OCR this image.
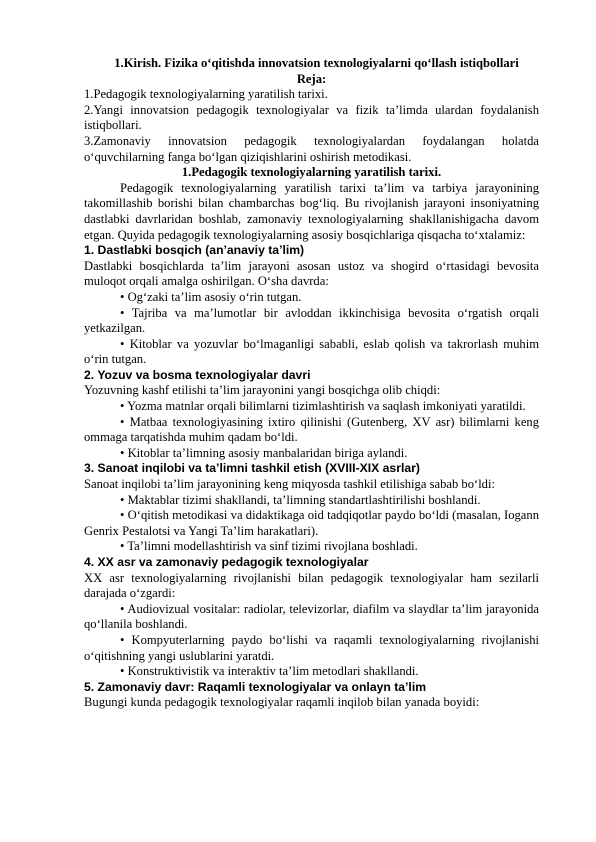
1.Kirish. Fizika o‘qitishda innovatsion texnologiyalarni qo‘llash istiqbollari
Reja:

1.Pedagogik texnologiyalarning yaratilish tarixi.

2.Yangi innovatsion pedagogik texnologiyalar va fizik ta’limda ulardan foydalanish istiqbollari.

3.Zamonaviy innovatsion pedagogik texnologiyalardan foydalangan holatda o‘quvchilarning fanga bo‘lgan qiziqishlarini oshirish metodikasi.

1.Pedagogik texnologiyalarning yaratilish tarixi.

Pedagogik texnologiyalarning yaratilish tarixi ta’lim va tarbiya jarayonining takomillashib borishi bilan chambarchas bog‘liq. Bu rivojlanish jarayoni insoniyatning dastlabki davrlaridan boshlab, zamonaviy texnologiyalarning shakllanishigacha davom etgan. Quyida pedagogik texnologiyalarning asosiy bosqichlariga qisqacha to‘xtalamiz:

1. Dastlabki bosqich (an’anaviy ta’lim)

Dastlabki bosqichlarda ta’lim jarayoni asosan ustoz va shogird o‘rtasidagi bevosita muloqot orqali amalga oshirilgan. O‘sha davrda:

• Og‘zaki ta’lim asosiy o‘rin tutgan.

• Tajriba va ma’lumotlar bir avloddan ikkinchisiga bevosita o‘rgatish orqali yetkazilgan.

• Kitoblar va yozuvlar bo‘lmaganligi sababli, eslab qolish va takrorlash muhim o‘rin tutgan.

2. Yozuv va bosma texnologiyalar davri

Yozuvning kashf etilishi ta’lim jarayonini yangi bosqichga olib chiqdi:

• Yozma matnlar orqali bilimlarni tizimlashtirish va saqlash imkoniyati yaratildi.

• Matbaa texnologiyasining ixtiro qilinishi (Gutenberg, XV asr) bilimlarni keng ommaga tarqatishda muhim qadam bo‘ldi.

• Kitoblar ta’limning asosiy manbalaridan biriga aylandi.

3. Sanoat inqilobi va ta’limni tashkil etish (XVIII-XIX asrlar)

Sanoat inqilobi ta’lim jarayonining keng miqyosda tashkil etilishiga sabab bo‘ldi:

• Maktablar tizimi shakllandi, ta’limning standartlashtirilishi boshlandi.

• O‘qitish metodikasi va didaktikaga oid tadqiqotlar paydo bo‘ldi (masalan, Iogann Genrix Pestalotsi va Yangi Ta’lim harakatlari).

• Ta’limni modellashtirish va sinf tizimi rivojlana boshladi.

4. XX asr va zamonaviy pedagogik texnologiyalar

XX asr texnologiyalarning rivojlanishi bilan pedagogik texnologiyalar ham sezilarli darajada o‘zgardi:

• Audiovizual vositalar: radiolar, televizorlar, diafilm va slaydlar ta’lim jarayonida qo‘llanila boshlandi.

• Kompyuterlarning paydo bo‘lishi va raqamli texnologiyalarning rivojlanishi o‘qitishning yangi uslublarini yaratdi.

• Konstruktivistik va interaktiv ta’lim metodlari shakllandi.

5. Zamonaviy davr: Raqamli texnologiyalar va onlayn ta’lim

Bugungi kunda pedagogik texnologiyalar raqamli inqilob bilan yanada boyidi:
